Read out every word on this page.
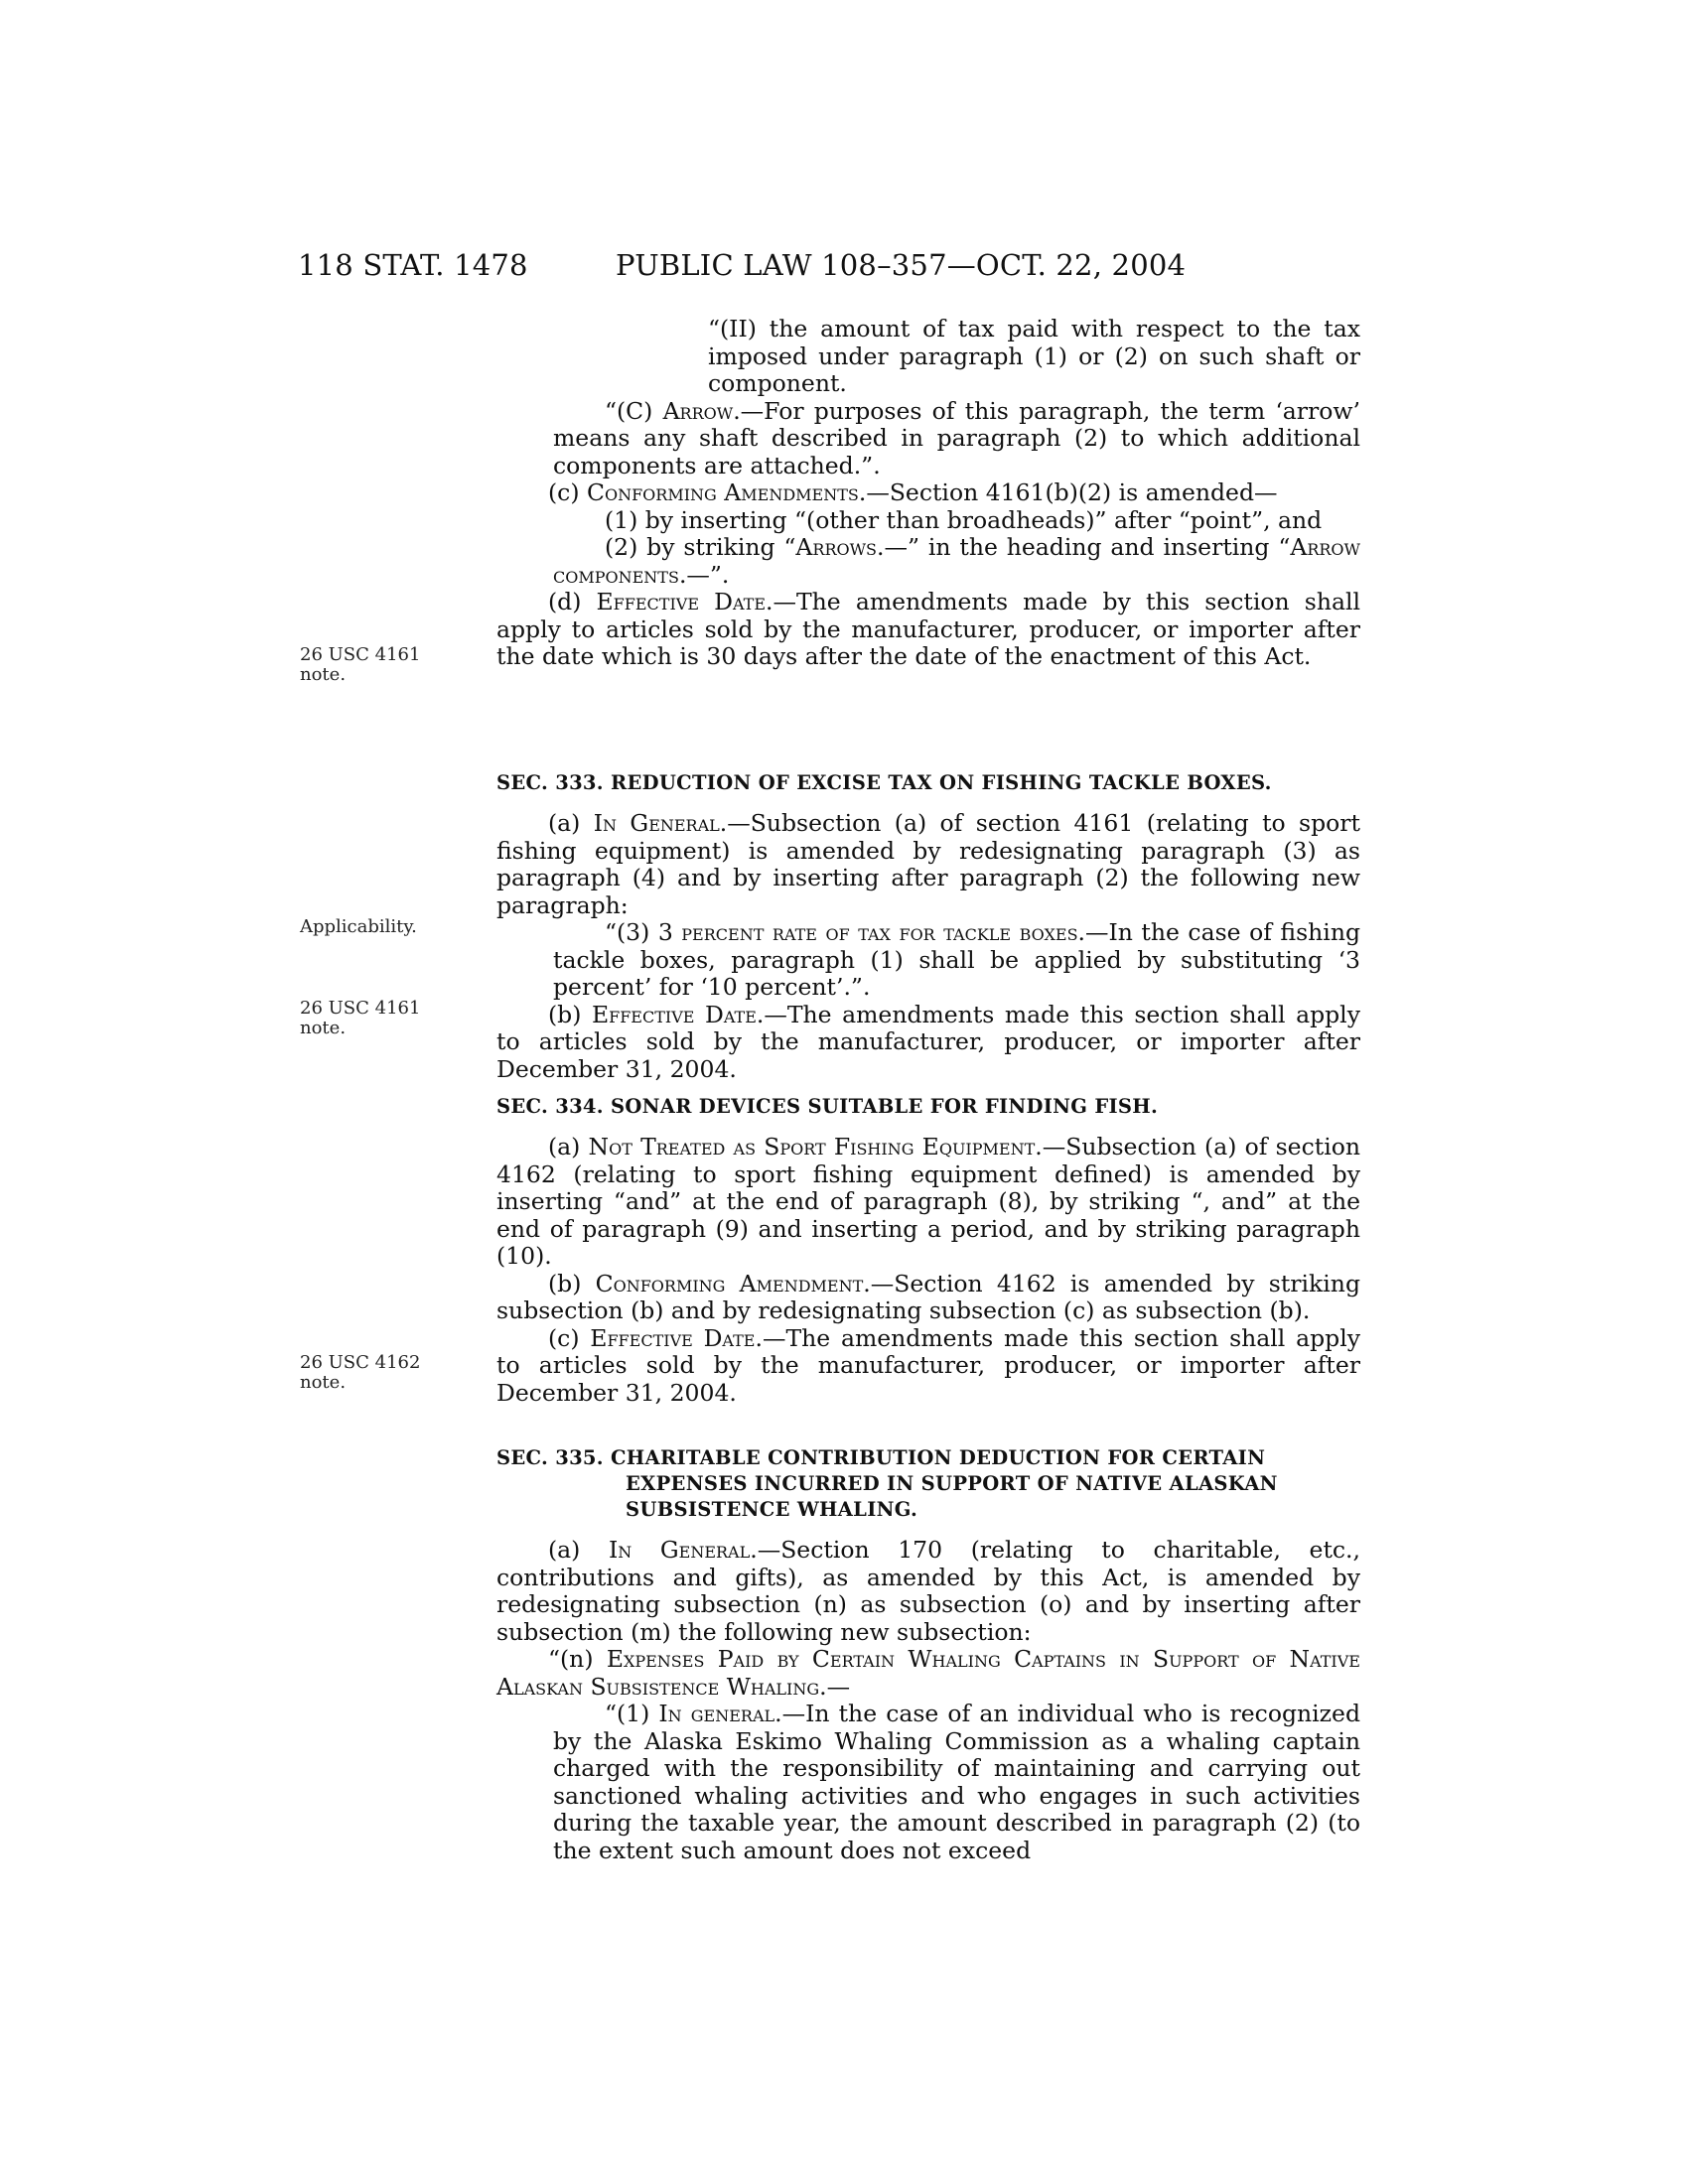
118 STAT. 1478	PUBLIC LAW 108–357—OCT. 22, 2004
26 USC 4161
note.
Applicability.
26 USC 4161
note.
26 USC 4162
note.

“(II) the amount of tax paid with respect to the tax imposed under paragraph (1) or (2) on such shaft or component.

“(C) Arrow.—For purposes of this paragraph, the term ‘arrow’ means any shaft described in paragraph (2) to which additional components are attached.”.

(c) Conforming Amendments.—Section 4161(b)(2) is amended—

(1) by inserting “(other than broadheads)” after “point”, and

(2) by striking “Arrows.—” in the heading and inserting “Arrow components.—”.

(d) Effective Date.—The amendments made by this section shall apply to articles sold by the manufacturer, producer, or importer after the date which is 30 days after the date of the enactment of this Act.

SEC. 333. REDUCTION OF EXCISE TAX ON FISHING TACKLE BOXES.

(a) In General.—Subsection (a) of section 4161 (relating to sport fishing equipment) is amended by redesignating paragraph (3) as paragraph (4) and by inserting after paragraph (2) the following new paragraph:

“(3) 3 percent rate of tax for tackle boxes.—In the case of fishing tackle boxes, paragraph (1) shall be applied by substituting ‘3 percent’ for ‘10 percent’.”.

(b) Effective Date.—The amendments made this section shall apply to articles sold by the manufacturer, producer, or importer after December 31, 2004.

SEC. 334. SONAR DEVICES SUITABLE FOR FINDING FISH.

(a) Not Treated as Sport Fishing Equipment.—Subsection (a) of section 4162 (relating to sport fishing equipment defined) is amended by inserting “and” at the end of paragraph (8), by striking “, and” at the end of paragraph (9) and inserting a period, and by striking paragraph (10).

(b) Conforming Amendment.—Section 4162 is amended by striking subsection (b) and by redesignating subsection (c) as subsection (b).

(c) Effective Date.—The amendments made this section shall apply to articles sold by the manufacturer, producer, or importer after December 31, 2004.

SEC. 335. CHARITABLE CONTRIBUTION DEDUCTION FOR CERTAIN EXPENSES INCURRED IN SUPPORT OF NATIVE ALASKAN SUBSISTENCE WHALING.

(a) In General.—Section 170 (relating to charitable, etc., contributions and gifts), as amended by this Act, is amended by redesignating subsection (n) as subsection (o) and by inserting after subsection (m) the following new subsection:

“(n) Expenses Paid by Certain Whaling Captains in Support of Native Alaskan Subsistence Whaling.—

“(1) In general.—In the case of an individual who is recognized by the Alaska Eskimo Whaling Commission as a whaling captain charged with the responsibility of maintaining and carrying out sanctioned whaling activities and who engages in such activities during the taxable year, the amount described in paragraph (2) (to the extent such amount does not exceed
